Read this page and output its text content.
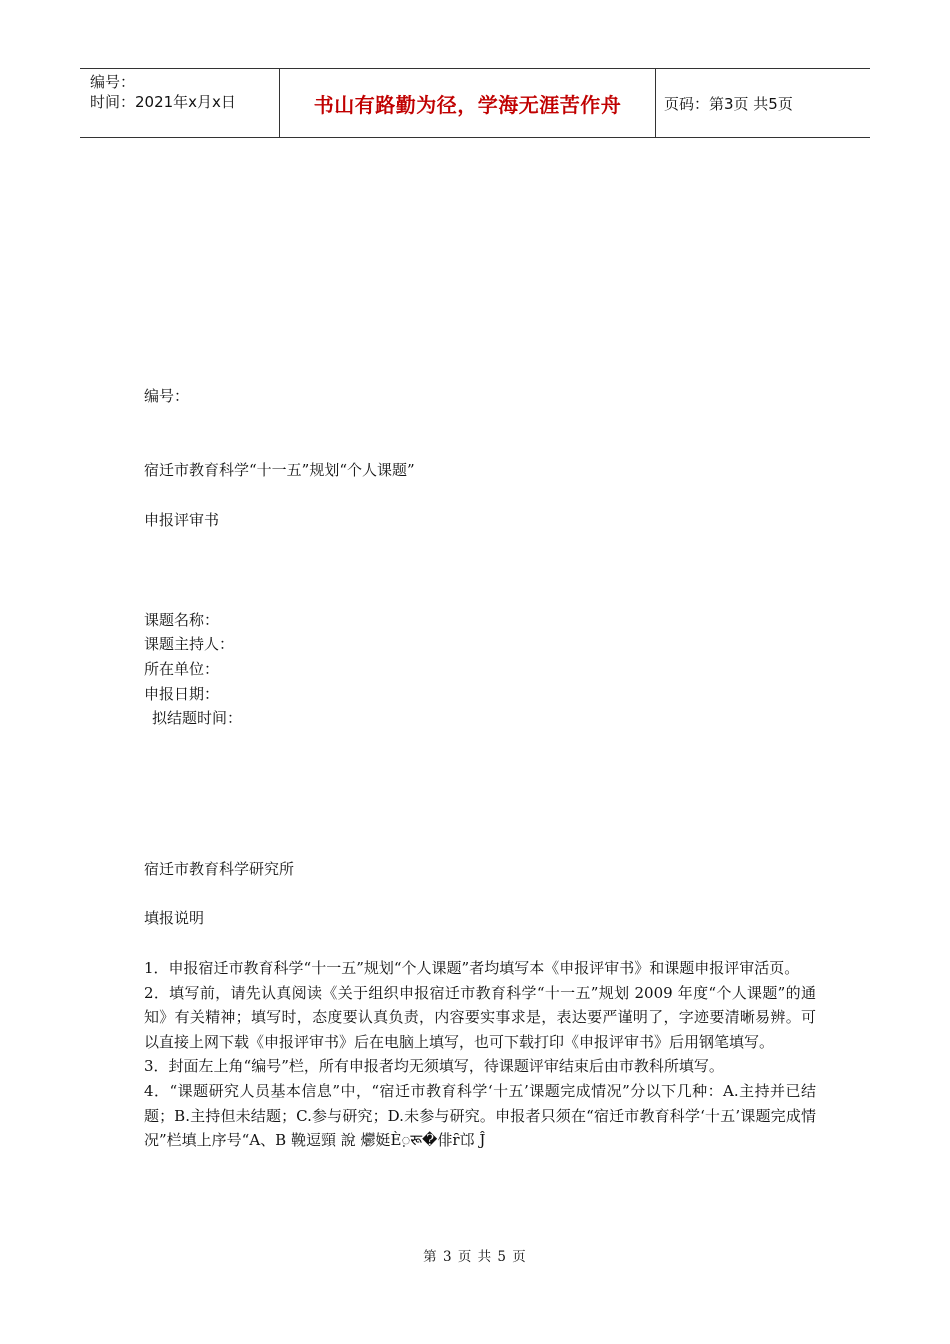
编号：
时间：2021年x月x日	书山有路勤为径，学海无涯苦作舟	页码：第3页 共5页
编号：
宿迁市教育科学“十一五”规划“个人课题”
申报评审书
课题名称：
课题主持人：
所在单位：
申报日期：
拟结题时间：
宿迁市教育科学研究所
填报说明

1．申报宿迁市教育科学“十一五”规划“个人课题”者均填写本《申报评审书》和课题申报评审活页。

2．填写前，请先认真阅读《关于组织申报宿迁市教育科学“十一五”规划 2009 年度“个人课题”的通知》有关精神；填写时，态度要认真负责，内容要实事求是，表达要严谨明了，字迹要清晰易辨。可以直接上网下载《申报评审书》后在电脑上填写，也可下载打印《申报评审书》后用钢笔填写。

3．封面左上角“编号”栏，所有申报者均无须填写，待课题评审结束后由市教科所填写。

4．“课题研究人员基本信息”中，“宿迁市教育科学‘十五’课题完成情况”分以下几种：A.主持并已结题；B.主持但未结题；C.参与研究；D.未参与研究。申报者只须在“宿迁市教育科学‘十五’课题完成情况”栏填上序号“A、B 鞔逗頸 說 爩娗È़रू�俳ȓ邙 Ĵ

第 3 页 共 5 页
